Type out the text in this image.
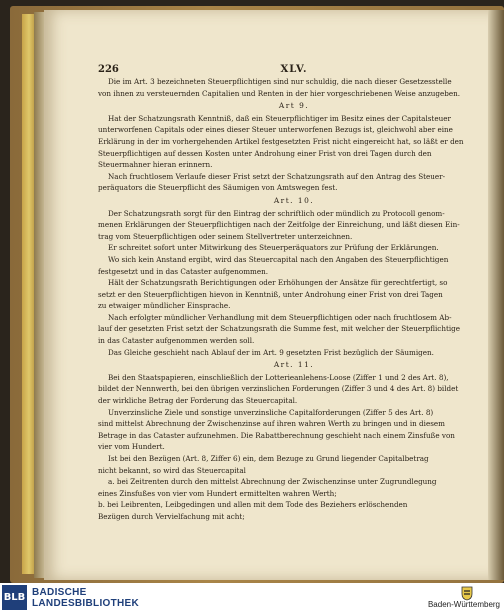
226	XLV.
Die im Art. 3 bezeichneten Steuerpflichtigen sind nur schuldig, die nach dieser Gesetzesstelle
von ihnen zu versteuernden Capitalien und Renten in der hier vorgeschriebenen Weise anzugeben.
Art 9.
Hat der Schatzungsrath Kenntniß, daß ein Steuerpflichtiger im Besitz eines der Capitalsteuer
unterworfenen Capitals oder eines dieser Steuer unterworfenen Bezugs ist, gleichwohl aber eine
Erklärung in der im vorhergehenden Artikel festgesetzten Frist nicht eingereicht hat, so läßt er den
Steuerpflichtigen auf dessen Kosten unter Androhung einer Frist von drei Tagen durch den
Steuermahner hieran erinnern.
Nach fruchtlosem Verlaufe dieser Frist setzt der Schatzungsrath auf den Antrag des Steuer-
peräquators die Steuerpflicht des Säumigen von Amtswegen fest.
Art. 10.
Der Schatzungsrath sorgt für den Eintrag der schriftlich oder mündlich zu Protocoll genom-
menen Erklärungen der Steuerpflichtigen nach der Zeitfolge der Einreichung, und läßt diesen Ein-
trag vom Steuerpflichtigen oder seinem Stellvertreter unterzeichnen.
Er schreitet sofort unter Mitwirkung des Steuerperäquators zur Prüfung der Erklärungen.
Wo sich kein Anstand ergibt, wird das Steuercapital nach den Angaben des Steuerpflichtigen
festgesetzt und in das Cataster aufgenommen.
Hält der Schatzungsrath Berichtigungen oder Erhöhungen der Ansätze für gerechtfertigt, so
setzt er den Steuerpflichtigen hievon in Kenntniß, unter Androhung einer Frist von drei Tagen
zu etwaiger mündlicher Einsprache.
Nach erfolgter mündlicher Verhandlung mit dem Steuerpflichtigen oder nach fruchtlosem Ab-
lauf der gesetzten Frist setzt der Schatzungsrath die Summe fest, mit welcher der Steuerpflichtige
in das Cataster aufgenommen werden soll.
Das Gleiche geschieht nach Ablauf der im Art. 9 gesetzten Frist bezüglich der Säumigen.
Art. 11.
Bei den Staatspapieren, einschließlich der Lotterieanlehens-Loose (Ziffer 1 und 2 des Art. 8),
bildet der Nennwerth, bei den übrigen verzinslichen Forderungen (Ziffer 3 und 4 des Art. 8) bildet
der wirkliche Betrag der Forderung das Steuercapital.
Unverzinsliche Ziele und sonstige unverzinsliche Capitalforderungen (Ziffer 5 des Art. 8)
sind mittelst Abrechnung der Zwischenzinse auf ihren wahren Werth zu bringen und in diesem
Betrage in das Cataster aufzunehmen. Die Rabattberechnung geschieht nach einem Zinsfuße von
vier vom Hundert.
Ist bei den Bezügen (Art. 8, Ziffer 6) ein, dem Bezuge zu Grund liegender Capitalbetrag
nicht bekannt, so wird das Steuercapital
a. bei Zeitrenten durch den mittelst Abrechnung der Zwischenzinse unter Zugrundlegung
eines Zinsfußes von vier vom Hundert ermittelten wahren Werth;
b. bei Leibrenten, Leibgedingen und allen mit dem Tode des Beziehers erlöschenden
Bezügen durch Vervielfachung mit acht;
BLB BADISCHE
LANDESBIBLIOTHEK	Baden-Württemberg
